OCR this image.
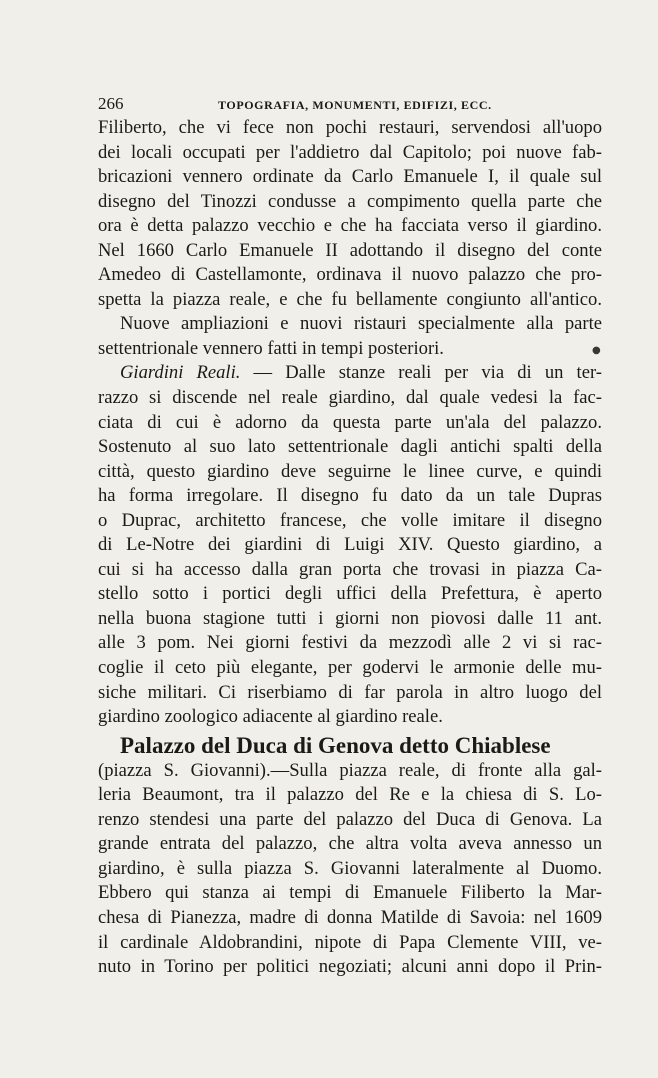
266	TOPOGRAFIA, MONUMENTI, EDIFIZI, ECC.
Filiberto, che vi fece non pochi restauri, servendosi all'uopo
dei locali occupati per l'addietro dal Capitolo; poi nuove fab-
bricazioni vennero ordinate da Carlo Emanuele I, il quale sul
disegno del Tinozzi condusse a compimento quella parte che
ora è detta palazzo vecchio e che ha facciata verso il giardino.
Nel 1660 Carlo Emanuele II adottando il disegno del conte
Amedeo di Castellamonte, ordinava il nuovo palazzo che pro-
spetta la piazza reale, e che fu bellamente congiunto all'antico.
Nuove ampliazioni e nuovi ristauri specialmente alla parte
settentrionale vennero fatti in tempi posteriori.
Giardini Reali. — Dalle stanze reali per via di un ter-
razzo si discende nel reale giardino, dal quale vedesi la fac-
ciata di cui è adorno da questa parte un'ala del palazzo.
Sostenuto al suo lato settentrionale dagli antichi spalti della
città, questo giardino deve seguirne le linee curve, e quindi
ha forma irregolare. Il disegno fu dato da un tale Dupras
o Duprac, architetto francese, che volle imitare il disegno
di Le-Notre dei giardini di Luigi XIV. Questo giardino, a
cui si ha accesso dalla gran porta che trovasi in piazza Ca-
stello sotto i portici degli uffici della Prefettura, è aperto
nella buona stagione tutti i giorni non piovosi dalle 11 ant.
alle 3 pom. Nei giorni festivi da mezzodì alle 2 vi si rac-
coglie il ceto più elegante, per godervi le armonie delle mu-
siche militari. Ci riserbiamo di far parola in altro luogo del
giardino zoologico adiacente al giardino reale.
Palazzo del Duca di Genova detto Chiablese
(piazza S. Giovanni).—Sulla piazza reale, di fronte alla gal-
leria Beaumont, tra il palazzo del Re e la chiesa di S. Lo-
renzo stendesi una parte del palazzo del Duca di Genova. La
grande entrata del palazzo, che altra volta aveva annesso un
giardino, è sulla piazza S. Giovanni lateralmente al Duomo.
Ebbero qui stanza ai tempi di Emanuele Filiberto la Mar-
chesa di Pianezza, madre di donna Matilde di Savoia: nel 1609
il cardinale Aldobrandini, nipote di Papa Clemente VIII, ve-
nuto in Torino per politici negoziati; alcuni anni dopo il Prin-
●
